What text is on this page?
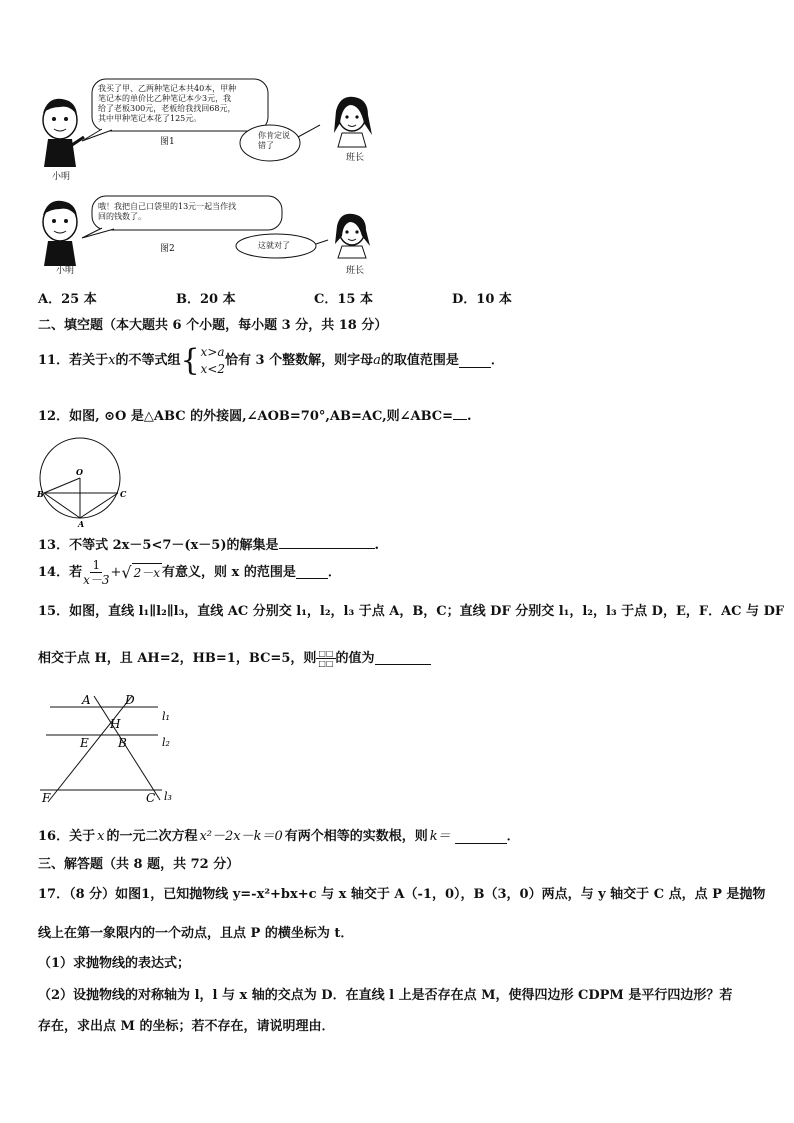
我买了甲、乙两种笔记本共40本，甲种
笔记本的单价比乙种笔记本少3元，我
给了老板300元，老板给我找回68元，
其中甲种笔记本花了125元。
图1
小明
你肯定说
错了
班长
哦！我把自己口袋里的13元一起当作找
回的钱数了。
图2
小明
这就对了
班长
A．25 本	B．20 本	C．15 本	D．10 本
二、填空题（本大题共 6 个小题，每小题 3 分，共 18 分）
11．若关于 x 的不等式组 { x>a
x<2
恰有 3 个整数解，则字母 a 的取值范围是 ．
12．如图, ⊙O 是△ABC 的外接圆,∠AOB=70°,AB=AC,则∠ABC= .
O
B	C
A
13．不等式 2x－5<7－(x－5)的解集是	.
14．若 $\frac{1}{x-3}$ + √ 2－x 有意义，则 x 的范围是 ．
15．如图，直线 l₁∥l₂∥l₃，直线 AC 分别交 l₁，l₂，l₃ 于点 A，B，C；直线 DF 分别交 l₁，l₂，l₃ 于点 D，E，F．AC 与 DF
相交于点 H，且 AH=2，HB=1，BC=5，则 $\frac{□□}{□□}$ 的值为
A	D
H
E B
F	C
l₁
l₂
l₃
16．关于 x 的一元二次方程 x²－2x－k＝0 有两个相等的实数根，则 k＝	．
三、解答题（共 8 题，共 72 分）
17．（8 分）如图1，已知抛物线 y=-x²+bx+c 与 x 轴交于 A（-1，0），B（3，0）两点，与 y 轴交于 C 点，点 P 是抛物
线上在第一象限内的一个动点，且点 P 的横坐标为 t．
（1）求抛物线的表达式；
（2）设抛物线的对称轴为 l，l 与 x 轴的交点为 D．在直线 l 上是否存在点 M，使得四边形 CDPM 是平行四边形？若
存在，求出点 M 的坐标；若不存在，请说明理由．
